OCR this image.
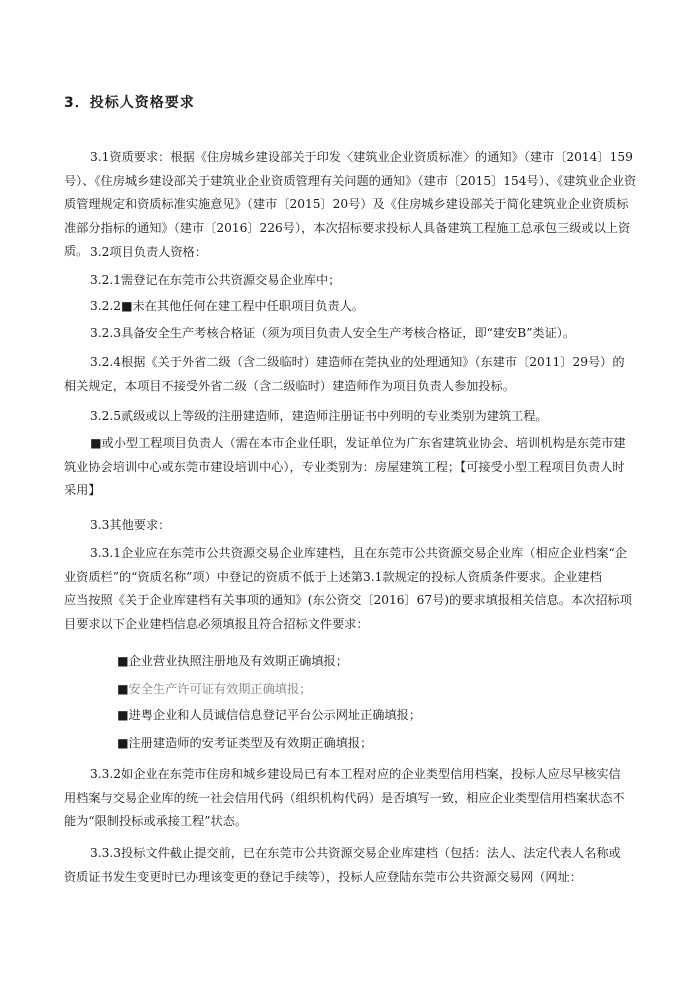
3．投标人资格要求
3.1资质要求：根据《住房城乡建设部关于印发〈建筑业企业资质标准〉的通知》（建市〔2014〕159
号）、《住房城乡建设部关于建筑业企业资质管理有关问题的通知》（建市〔2015〕154号）、《建筑业企业资
质管理规定和资质标准实施意见》（建市〔2015〕20号）及《住房城乡建设部关于简化建筑业企业资质标
准部分指标的通知》（建市〔2016〕226号），本次招标要求投标人具备建筑工程施工总承包三级或以上资
质。 3.2项目负责人资格：
3.2.1需登记在东莞市公共资源交易企业库中；
3.2.2■未在其他任何在建工程中任职项目负责人。
3.2.3具备安全生产考核合格证（须为项目负责人安全生产考核合格证，即“建安B”类证）。
3.2.4根据《关于外省二级（含二级临时）建造师在莞执业的处理通知》（东建市〔2011〕29号）的
相关规定，本项目不接受外省二级（含二级临时）建造师作为项目负责人参加投标。
3.2.5贰级或以上等级的注册建造师，建造师注册证书中列明的专业类别为建筑工程。
■或小型工程项目负责人（需在本市企业任职，发证单位为广东省建筑业协会、培训机构是东莞市建
筑业协会培训中心或东莞市建设培训中心），专业类别为：房屋建筑工程；【可接受小型工程项目负责人时
采用】
3.3其他要求：
3.3.1企业应在东莞市公共资源交易企业库建档，且在东莞市公共资源交易企业库（相应企业档案“企
业资质栏”的“资质名称”项）中登记的资质不低于上述第3.1款规定的投标人资质条件要求。企业建档
应当按照《关于企业库建档有关事项的通知》(东公资交〔2016〕67号)的要求填报相关信息。本次招标项
目要求以下企业建档信息必须填报且符合招标文件要求：
■企业营业执照注册地及有效期正确填报；
■安全生产许可证有效期正确填报；
■进粤企业和人员诚信信息登记平台公示网址正确填报；
■注册建造师的安考证类型及有效期正确填报；
3.3.2如企业在东莞市住房和城乡建设局已有本工程对应的企业类型信用档案，投标人应尽早核实信
用档案与交易企业库的统一社会信用代码（组织机构代码）是否填写一致，相应企业类型信用档案状态不
能为“限制投标或承接工程”状态。
3.3.3投标文件截止提交前，已在东莞市公共资源交易企业库建档（包括：法人、法定代表人名称或
资质证书发生变更时已办理该变更的登记手续等），投标人应登陆东莞市公共资源交易网（网址：
